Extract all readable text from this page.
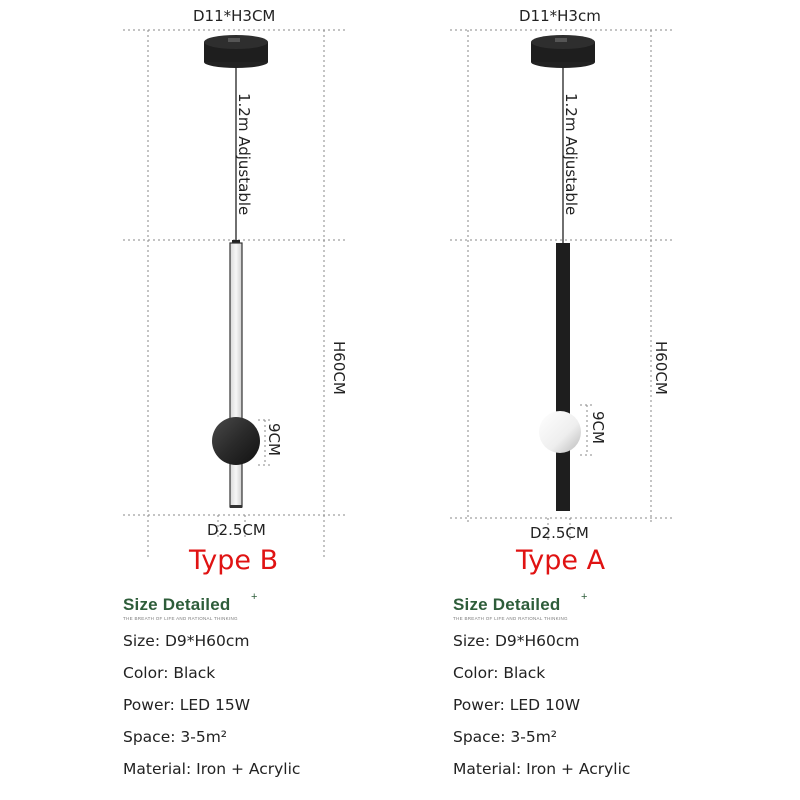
D11*H3CM
1.2m Adjustable
H60CM
9CM
D2.5CM
Type B
D11*H3cm
1.2m Adjustable
H60CM
9CM
D2.5CM
Type A
Size Detailed +
THE BREATH OF LIFE AND RATIONAL THINKING
Size: D9*H60cm
Color: Black
Power: LED 15W
Space: 3-5m²
Material: Iron + Acrylic
Size Detailed +
THE BREATH OF LIFE AND RATIONAL THINKING
Size: D9*H60cm
Color: Black
Power: LED 10W
Space: 3-5m²
Material: Iron + Acrylic
